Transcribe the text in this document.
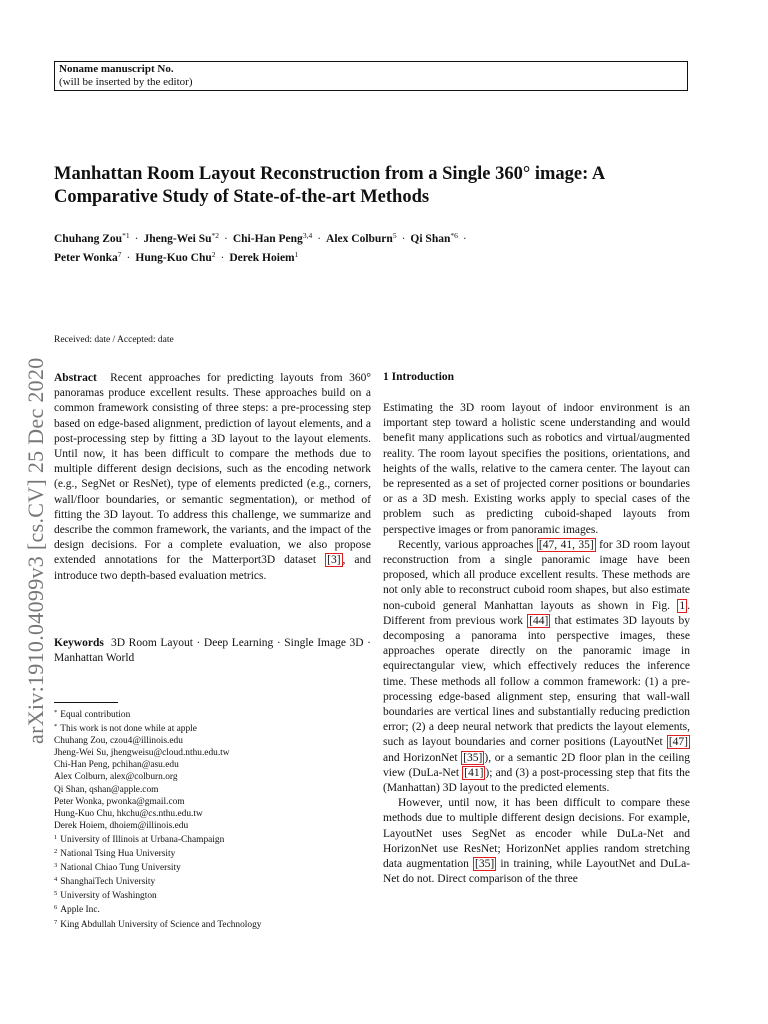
Noname manuscript No.
(will be inserted by the editor)
arXiv:1910.04099v3 [cs.CV] 25 Dec 2020
Manhattan Room Layout Reconstruction from a Single 360° image: A
Comparative Study of State-of-the-art Methods
Chuhang Zou$^{*1}$ · Jheng-Wei $Su^{*2} \cdot Chi-Han$ Peng$^{3,4}$ · Alex Colburn$^5$ · Qi Shan$^{*6}$ ·
Peter Wonka$^7$ · Hung-Kuo Chu$^2$ · Derek Hoiem$^1$
Received: date / Accepted: date

Abstract Recent approaches for predicting layouts from 360° panoramas produce excellent results. These approaches build on a common framework consisting of three steps: a pre-processing step based on edge-based alignment, prediction of layout elements, and a post-processing step by fitting a 3D layout to the layout elements. Until now, it has been difficult to compare the methods due to multiple different design decisions, such as the encoding network (e.g., SegNet or ResNet), type of elements predicted (e.g., corners, wall/floor boundaries, or semantic segmentation), or method of fitting the 3D layout. To address this challenge, we summarize and describe the common framework, the variants, and the impact of the design decisions. For a complete evaluation, we also propose extended annotations for the Matterport3D dataset [3] , and introduce two depth-based evaluation metrics.

Keywords 3D Room Layout · Deep Learning · Single Image 3D · Manhattan World

* Equal contribution
* This work is not done while at apple
Chuhang Zou, czou4@illinois.edu
Jheng-Wei Su, jhengweisu@cloud.nthu.edu.tw
Chi-Han Peng, pchihan@asu.edu
Alex Colburn, alex@colburn.org
Qi Shan, qshan@apple.com
Peter Wonka, pwonka@gmail.com
Hung-Kuo Chu, hkchu@cs.nthu.edu.tw
Derek Hoiem, dhoiem@illinois.edu
$^1$ University of Illinois at Urbana-Champaign
$^2$ National Tsing Hua University
$^3$ National Chiao Tung University
$^4$ ShanghaiTech University
$^5$ University of Washington
$^6$ Apple Inc.
$^7$ King Abdullah University of Science and Technology
1 Introduction

Estimating the 3D room layout of indoor environment is an important step toward a holistic scene understanding and would benefit many applications such as robotics and virtual/augmented reality. The room layout specifies the positions, orientations, and heights of the walls, relative to the camera center. The layout can be represented as a set of projected corner positions or boundaries or as a 3D mesh. Existing works apply to special cases of the problem such as predicting cuboid-shaped layouts from perspective images or from panoramic images.

Recently, various approaches [47, 41, 35] for 3D room layout reconstruction from a single panoramic image have been proposed, which all produce excellent results. These methods are not only able to reconstruct cuboid room shapes, but also estimate non-cuboid general Manhattan layouts as shown in Fig. 1 . Different from previous work [44] that estimates 3D layouts by decomposing a panorama into perspective images, these approaches operate directly on the panoramic image in equirectangular view, which effectively reduces the inference time. These methods all follow a common framework: (1) a pre-processing edge-based alignment step, ensuring that wall-wall boundaries are vertical lines and substantially reducing prediction error; (2) a deep neural network that predicts the layout elements, such as layout boundaries and corner positions (LayoutNet [47] and HorizonNet [35] ), or a semantic 2D floor plan in the ceiling view (DuLa-Net [41] ); and (3) a post-processing step that fits the (Manhattan) 3D layout to the predicted elements.

However, until now, it has been difficult to compare these methods due to multiple different design decisions. For example, LayoutNet uses SegNet as encoder while DuLa-Net and HorizonNet use ResNet; HorizonNet applies random stretching data augmentation [35] in training, while LayoutNet and DuLa-Net do not. Direct comparison of the three
